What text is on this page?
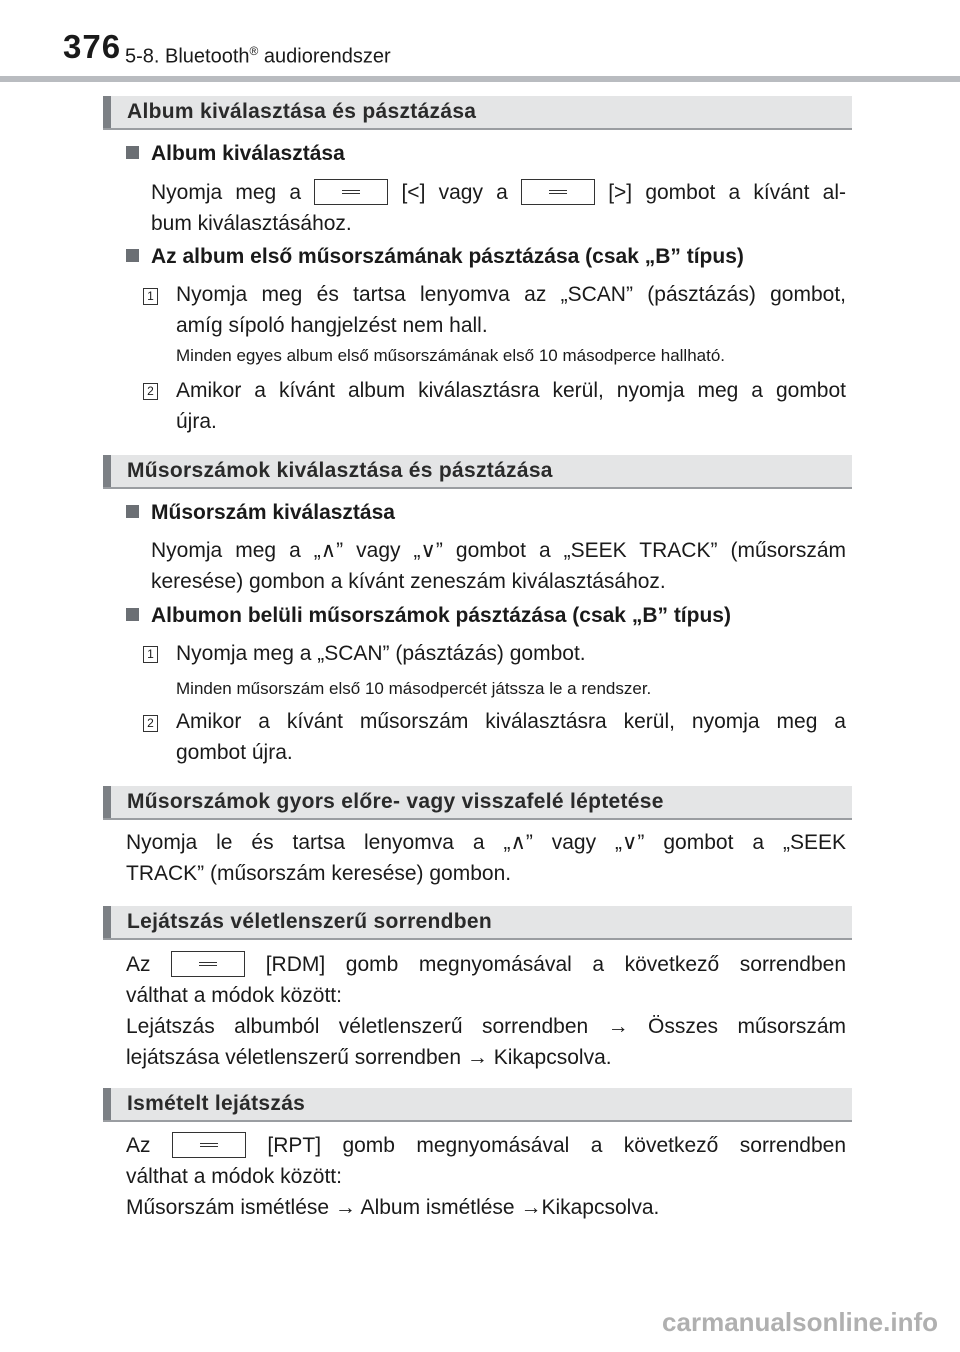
376 5-8. Bluetooth® audiorendszer
Album kiválasztása és pásztázása
Album kiválasztása
Nyomja meg a	[<] vagy a	[>] gombot a kívánt al-
bum kiválasztásához.
Az album első műsorszámának pásztázása (csak „B” típus)
1 Nyomja meg és tartsa lenyomva az „SCAN” (pásztázás) gombot,
amíg sípoló hangjelzést nem hall.
Minden egyes album első műsorszámának első 10 másodperce hallható.
2 Amikor a kívánt album kiválasztásra kerül, nyomja meg a gombot
újra.
Műsorszámok kiválasztása és pásztázása
Műsorszám kiválasztása
Nyomja meg a „∧” vagy „∨” gombot a „SEEK TRACK” (műsorszám
keresése) gombon a kívánt zeneszám kiválasztásához.
Albumon belüli műsorszámok pásztázása (csak „B” típus)
1 Nyomja meg a „SCAN” (pásztázás) gombot.
Minden műsorszám első 10 másodpercét játssza le a rendszer.
2 Amikor a kívánt műsorszám kiválasztásra kerül, nyomja meg a
gombot újra.
Műsorszámok gyors előre- vagy visszafelé léptetése
Nyomja le és tartsa lenyomva a „∧” vagy „∨” gombot a „SEEK
TRACK” (műsorszám keresése) gombon.
Lejátszás véletlenszerű sorrendben
Az	[RDM] gomb megnyomásával a következő sorrendben
válthat a módok között:
Lejátszás albumból véletlenszerű sorrendben → Összes műsorszám
lejátszása véletlenszerű sorrendben → Kikapcsolva.
Ismételt lejátszás
Az	[RPT] gomb megnyomásával a következő sorrendben
válthat a módok között:
Műsorszám ismétlése → Album ismétlése →Kikapcsolva.
carmanualsonline.info
